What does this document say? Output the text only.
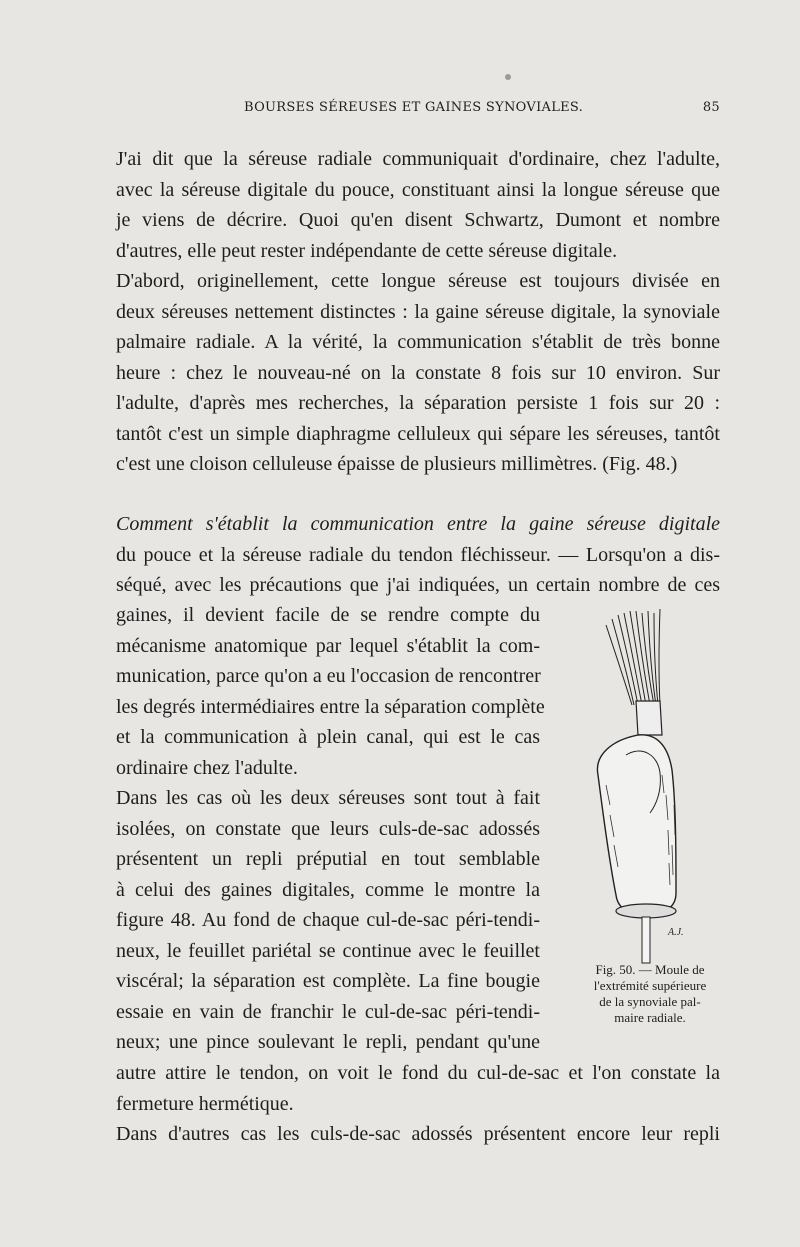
BOURSES SÉREUSES ET GAINES SYNOVIALES.	85
J'ai dit que la séreuse radiale communiquait d'ordinaire, chez l'adulte,
avec la séreuse digitale du pouce, constituant ainsi la longue séreuse que
je viens de décrire. Quoi qu'en disent Schwartz, Dumont et nombre
d'autres, elle peut rester indépendante de cette séreuse digitale.
D'abord, originellement, cette longue séreuse est toujours divisée en
deux séreuses nettement distinctes : la gaine séreuse digitale, la synoviale
palmaire radiale. A la vérité, la communication s'établit de très bonne
heure : chez le nouveau-né on la constate 8 fois sur 10 environ. Sur
l'adulte, d'après mes recherches, la séparation persiste 1 fois sur 20 :
tantôt c'est un simple diaphragme celluleux qui sépare les séreuses, tantôt
c'est une cloison celluleuse épaisse de plusieurs millimètres. (Fig. 48.)
Comment s'établit la communication entre la gaine séreuse digitale
du pouce et la séreuse radiale du tendon fléchisseur. — Lorsqu'on a dis-
séqué, avec les précautions que j'ai indiquées, un certain nombre de ces
gaines, il devient facile de se rendre compte du
mécanisme anatomique par lequel s'établit la com-
munication, parce qu'on a eu l'occasion de rencontrer
les degrés intermédiaires entre la séparation complète
et la communication à plein canal, qui est le cas
ordinaire chez l'adulte.
Dans les cas où les deux séreuses sont tout à fait
isolées, on constate que leurs culs-de-sac adossés
présentent un repli préputial en tout semblable
à celui des gaines digitales, comme le montre la
figure 48. Au fond de chaque cul-de-sac péri-tendi-
neux, le feuillet pariétal se continue avec le feuillet
viscéral; la séparation est complète. La fine bougie
essaie en vain de franchir le cul-de-sac péri-tendi-
neux; une pince soulevant le repli, pendant qu'une
autre attire le tendon, on voit le fond du cul-de-sac et l'on constate la
fermeture hermétique.
Dans d'autres cas les culs-de-sac adossés présentent encore leur repli
A.J.
Fig. 50. — Moule de
l'extrémité supérieure
de la synoviale pal-
maire radiale.
